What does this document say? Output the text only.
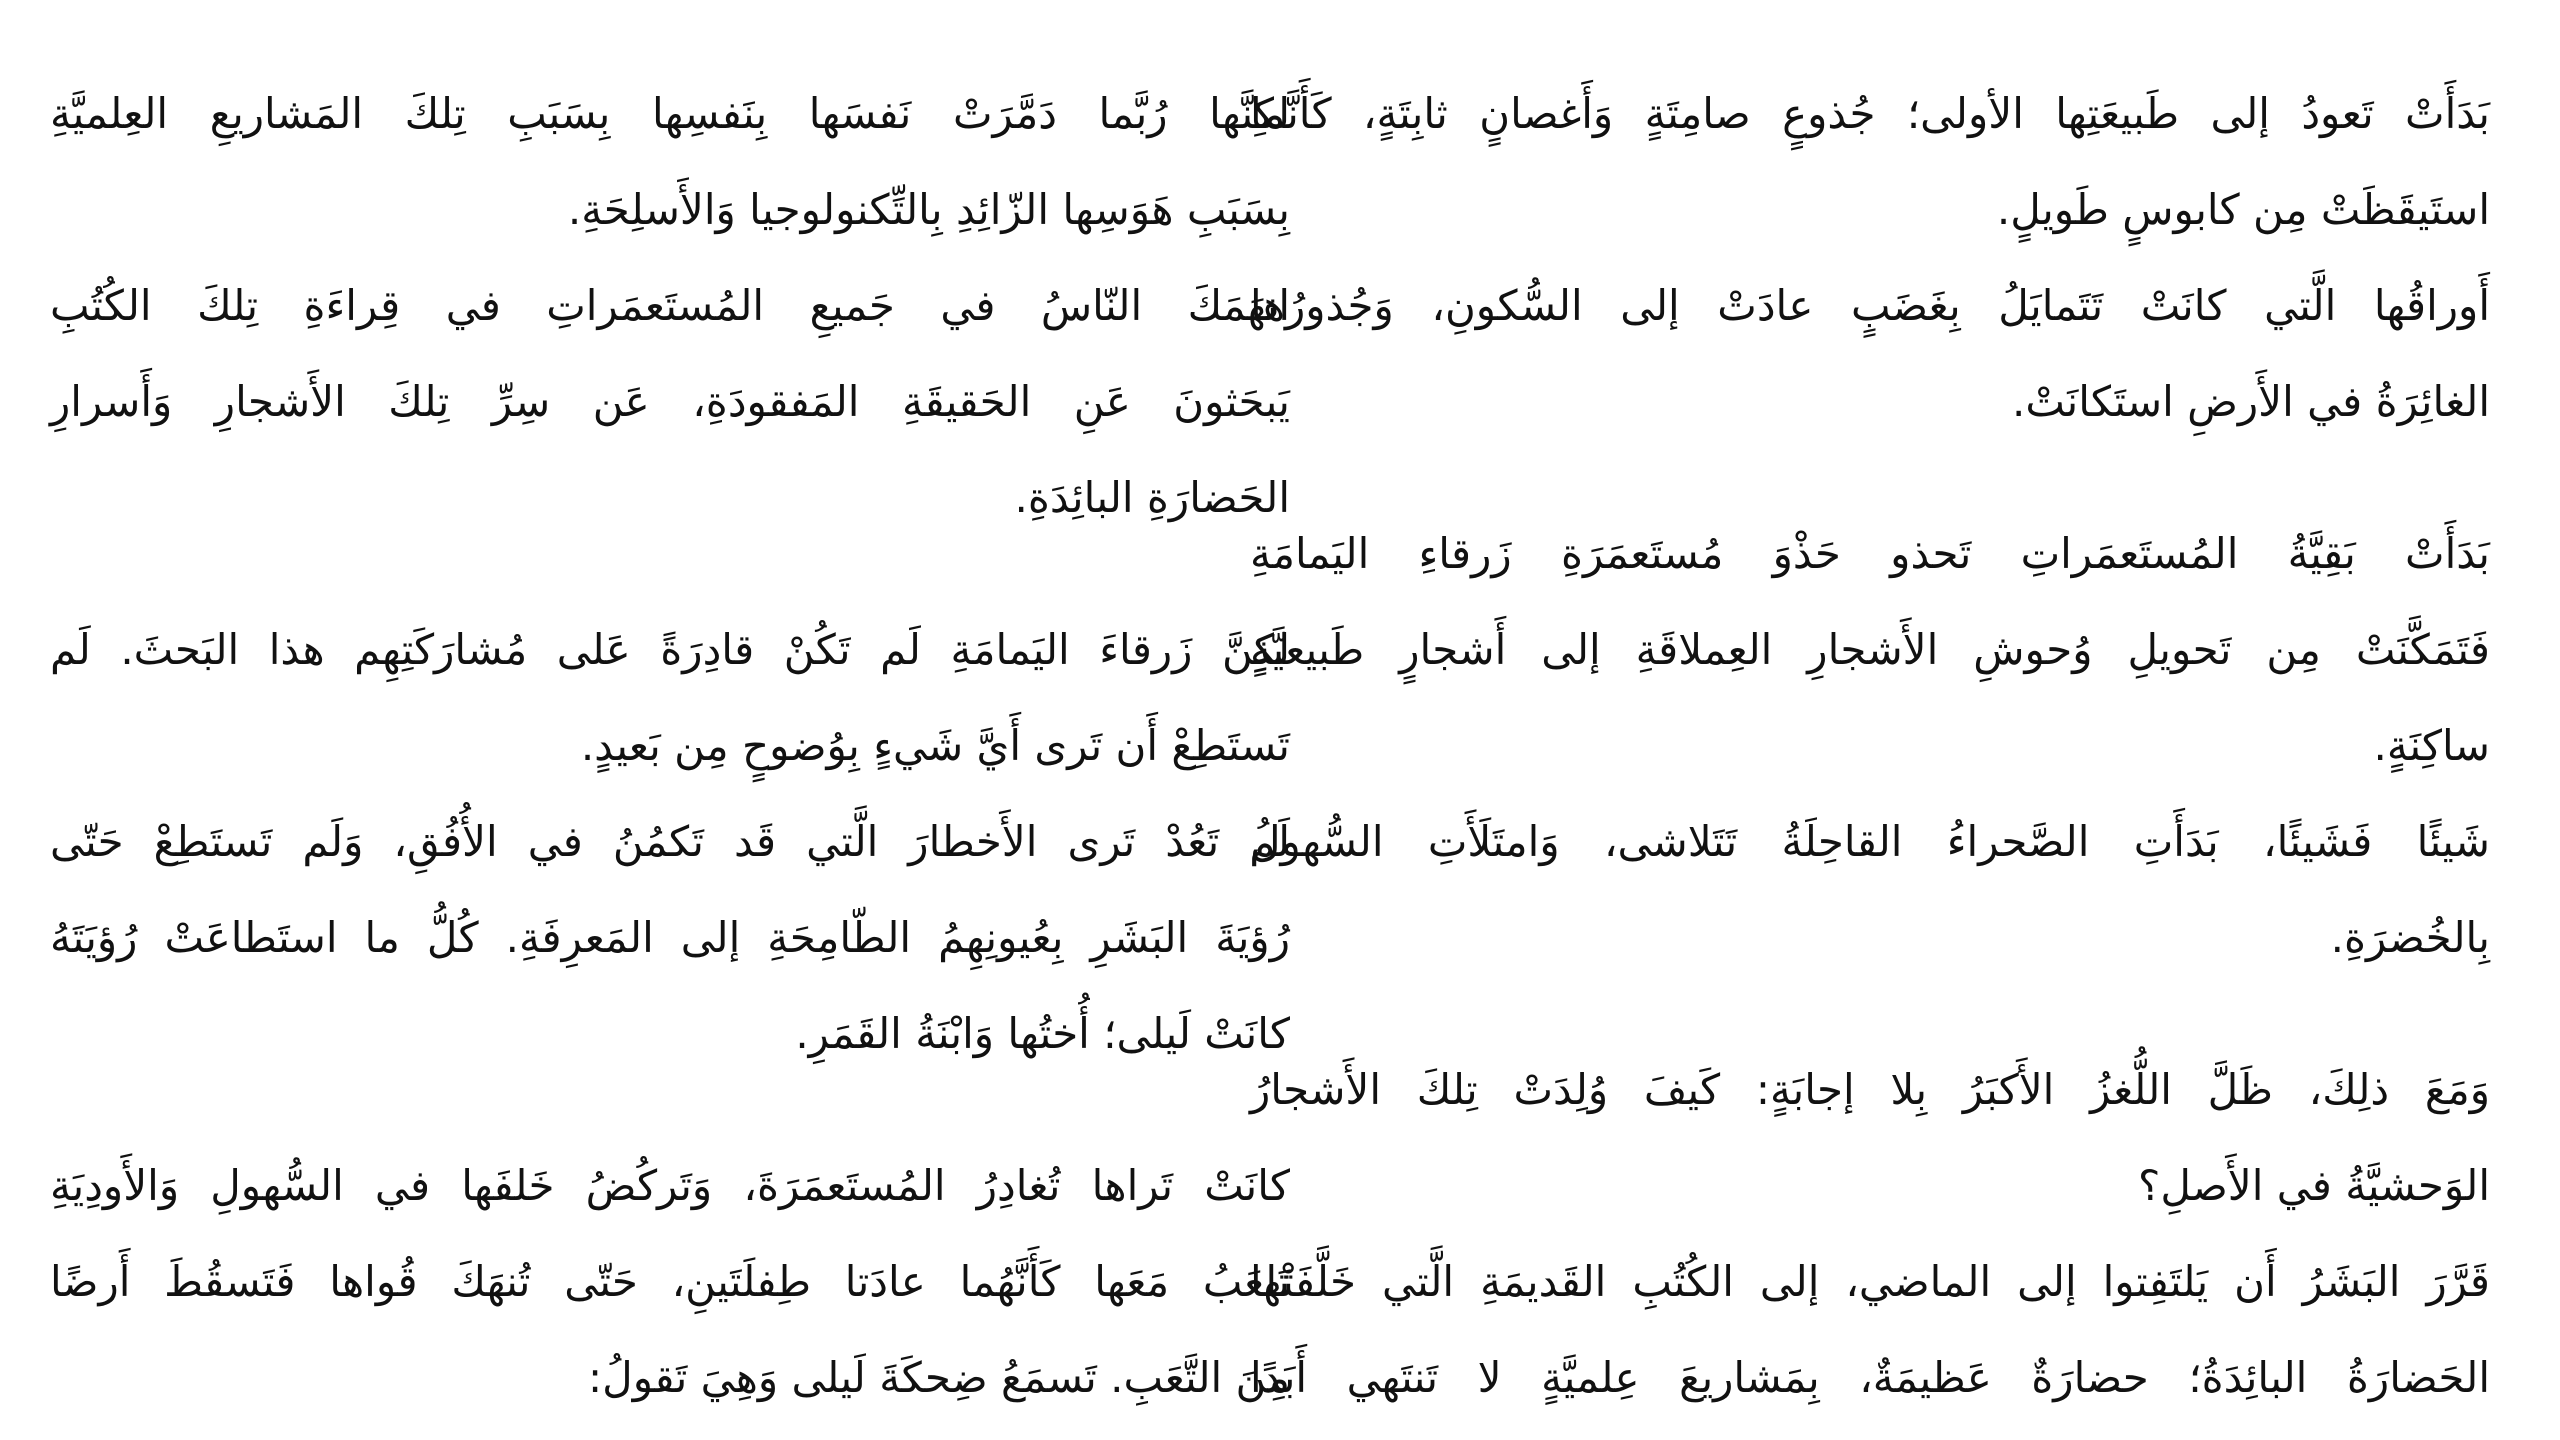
بَدَأَتْ تَعودُ إلى طَبيعَتِها الأولى؛ جُذوعٍ صامِتَةٍ وَأَغصانٍ ثابِتَةٍ، كَأَنَّما
استَيقَظَتْ مِن كابوسٍ طَويلٍ.
أَوراقُها الَّتي كانَتْ تَتَمايَلُ بِغَضَبٍ عادَتْ إلى السُّكونِ، وَجُذورُها
الغائِرَةُ في الأَرضِ استَكانَتْ.
بَدَأَتْ بَقِيَّةُ المُستَعمَراتِ تَحذو حَذْوَ مُستَعمَرَةِ زَرقاءِ اليَمامَةِ
فَتَمَكَّنَتْ مِن تَحويلِ وُحوشِ الأَشجارِ العِملاقَةِ إلى أَشجارٍ طَبيعيَّةٍ
ساكِنَةٍ.
شَيئًا فَشَيئًا، بَدَأَتِ الصَّحراءُ القاحِلَةُ تَتَلاشى، وَامتَلَأَتِ السُّهولُ
بِالخُضرَةِ.
وَمَعَ ذلِكَ، ظَلَّ اللُّغزُ الأَكبَرُ بِلا إجابَةٍ: كَيفَ وُلِدَتْ تِلكَ الأَشجارُ
الوَحشيَّةُ في الأَصلِ؟
قَرَّرَ البَشَرُ أَن يَلتَفِتوا إلى الماضي، إلى الكُتُبِ القَديمَةِ الَّتي خَلَّفَتْها
الحَضارَةُ البائِدَةُ؛ حضارَةٌ عَظيمَةٌ، بِمَشاريعَ عِلميَّةٍ لا تَنتَهي أَبَدًا
لكِنَّها رُبَّما دَمَّرَتْ نَفسَها بِنَفسِها بِسَبَبِ تِلكَ المَشاريعِ العِلميَّةِ
بِسَبَبِ هَوَسِها الزّائِدِ بِالتِّكنولوجيا وَالأَسلِحَةِ.
انهَمَكَ النّاسُ في جَميعِ المُستَعمَراتِ في قِراءَةِ تِلكَ الكُتُبِ
يَبحَثونَ عَنِ الحَقيقَةِ المَفقودَةِ، عَن سِرِّ تِلكَ الأَشجارِ وَأَسرارِ
الحَضارَةِ البائِدَةِ.
لكِنَّ زَرقاءَ اليَمامَةِ لَم تَكُنْ قادِرَةً عَلى مُشارَكَتِهِم هذا البَحثَ. لَم
تَستَطِعْ أَن تَرى أَيَّ شَيءٍ بِوُضوحٍ مِن بَعيدٍ.
لَم تَعُدْ تَرى الأَخطارَ الَّتي قَد تَكمُنُ في الأُفُقِ، وَلَم تَستَطِعْ حَتّى
رُؤيَةَ البَشَرِ بِعُيونِهِمُ الطّامِحَةِ إلى المَعرِفَةِ. كُلُّ ما استَطاعَتْ رُؤيَتَهُ
كانَتْ لَيلى؛ أُختُها وَابْنَةُ القَمَرِ.
كانَتْ تَراها تُغادِرُ المُستَعمَرَةَ، وَتَركُضُ خَلفَها في السُّهولِ وَالأَودِيَةِ
تَلعَبُ مَعَها كَأَنَّهُما عادَتا طِفلَتَينِ، حَتّى تُنهَكَ قُواها فَتَسقُطَ أَرضًا
مِنَ التَّعَبِ. تَسمَعُ ضِحكَةَ لَيلى وَهِيَ تَقولُ:
